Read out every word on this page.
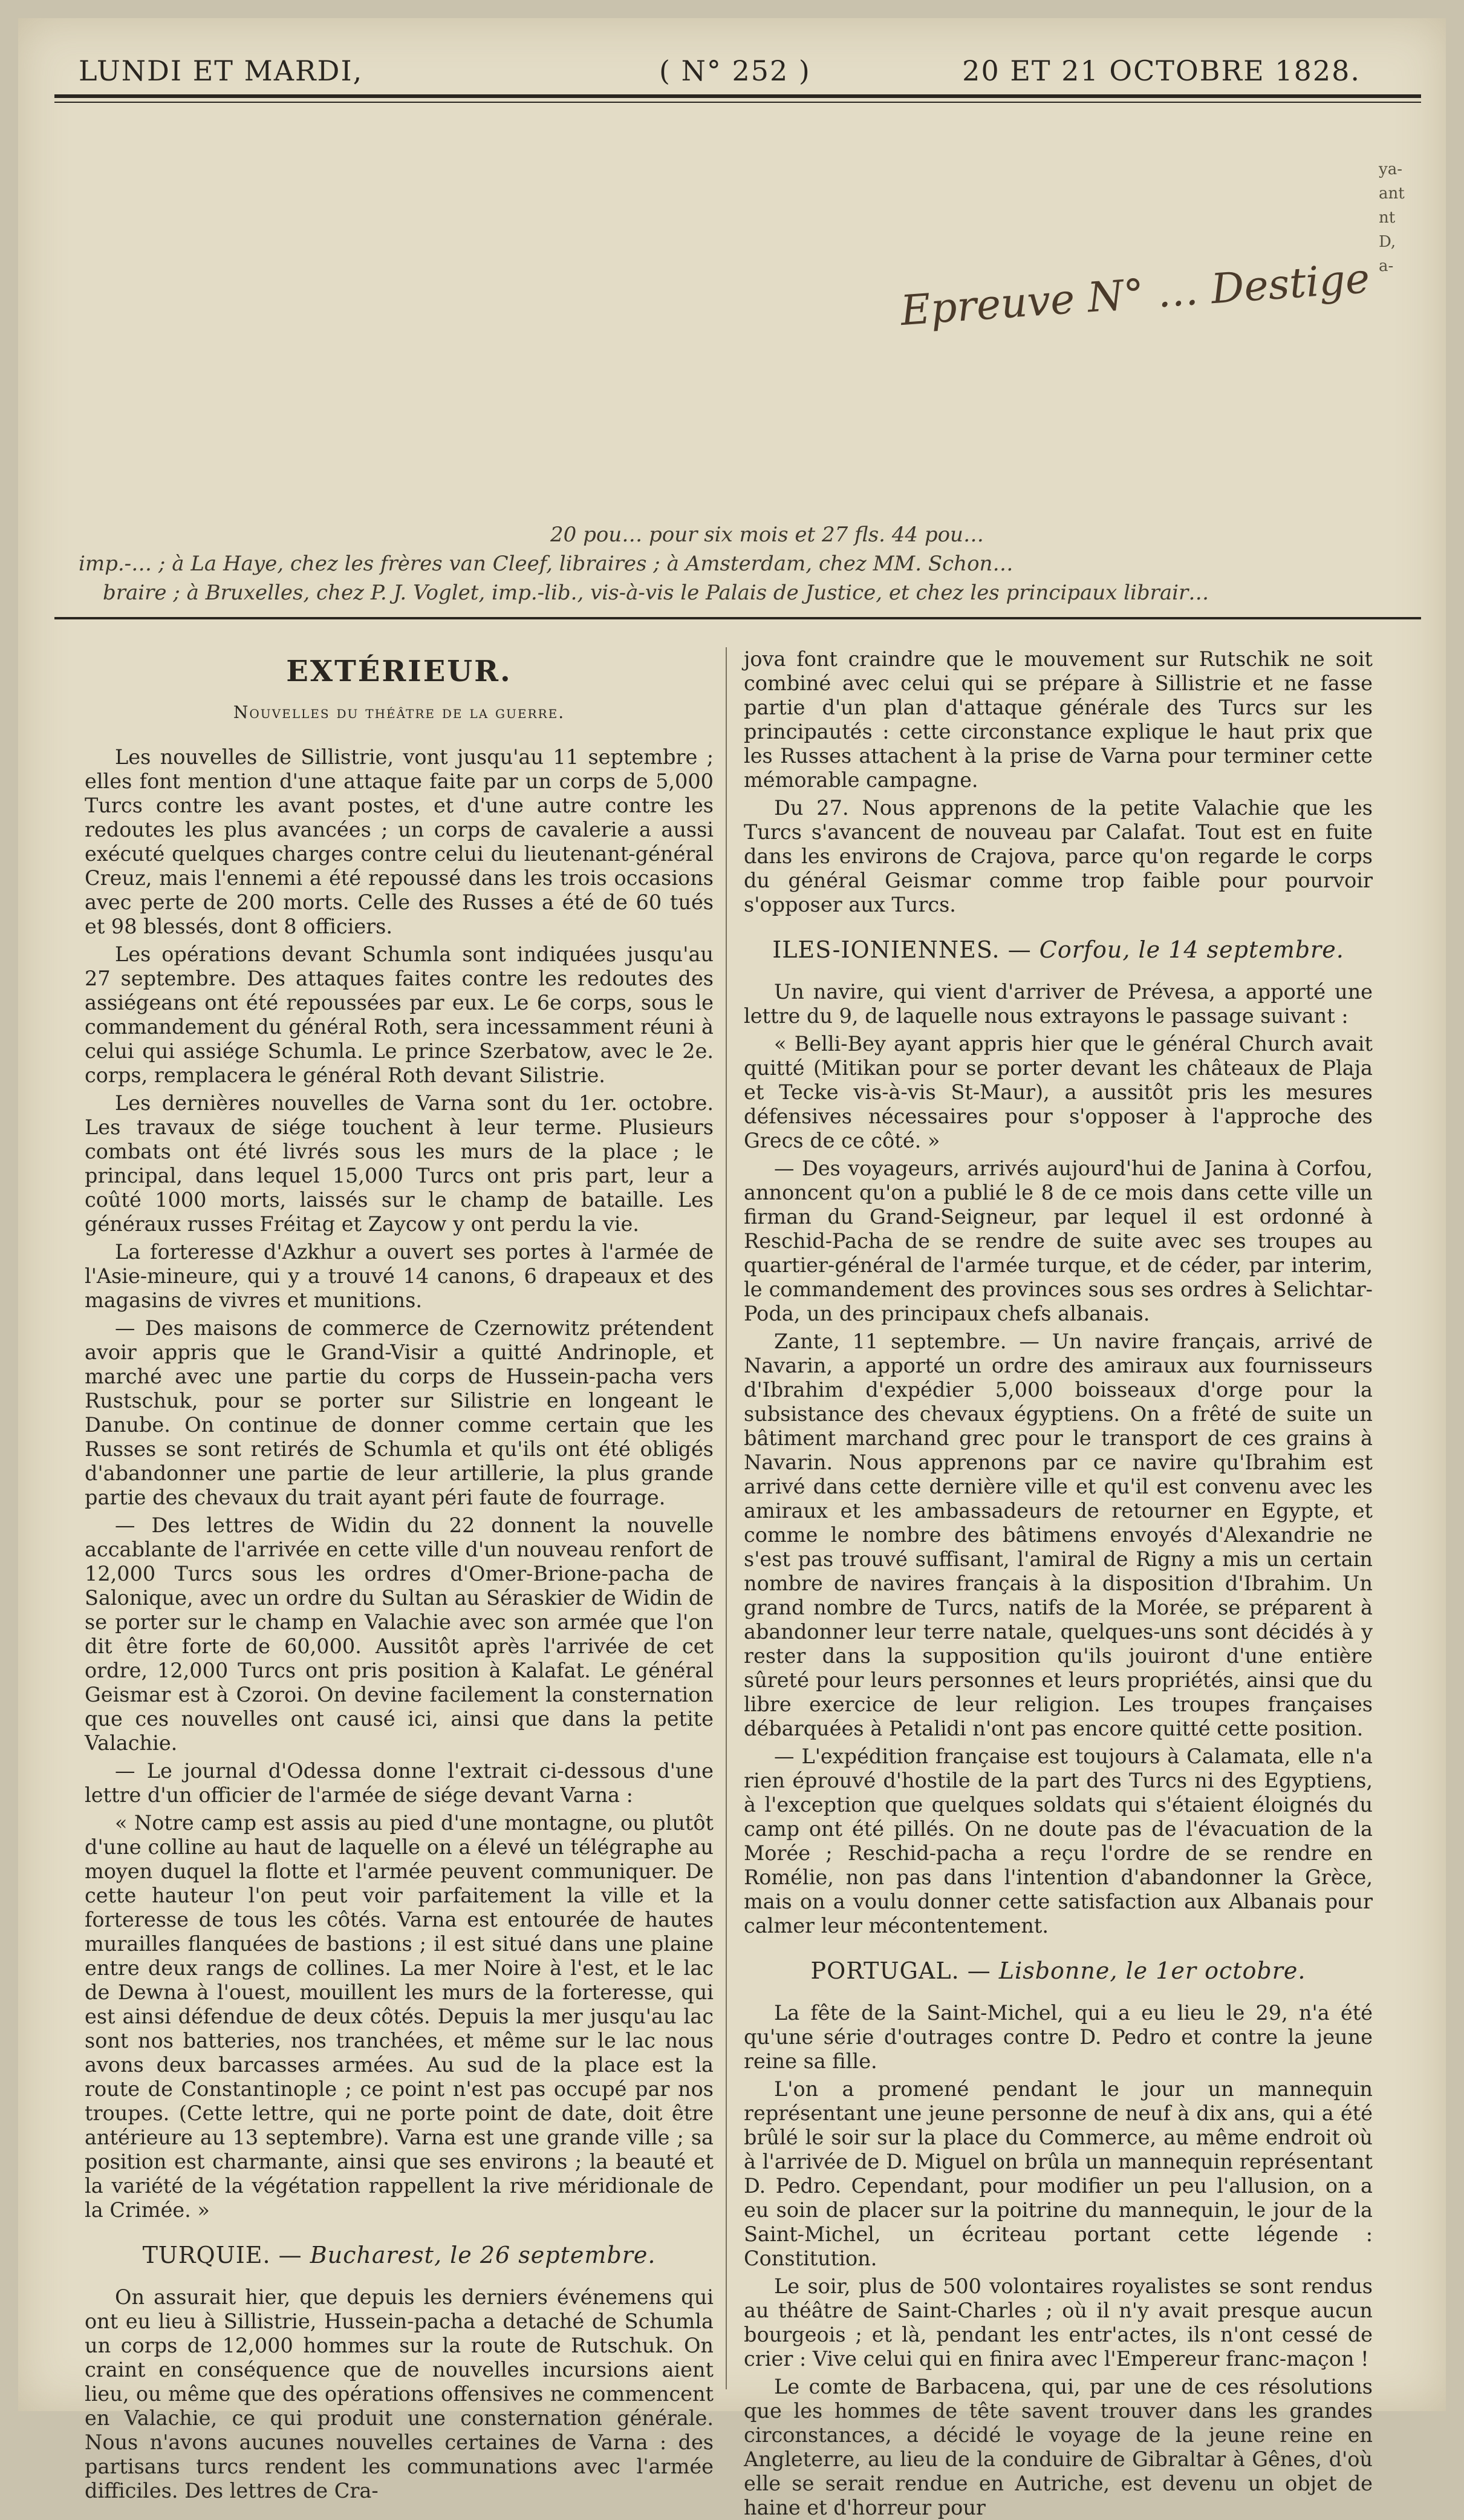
LUNDI ET MARDI,	( N° 252 )	20 ET 21 OCTOBRE 1828.
ya-
ant
nt
D,
a-
Epreuve N° … Destige
20 pou… pour six mois et 27 fls. 44 pou…
imp.-… ; à La Haye, chez les frères van Cleef, libraires ; à Amsterdam, chez MM. Schon…
braire ; à Bruxelles, chez P. J. Voglet, imp.-lib., vis-à-vis le Palais de Justice, et chez les principaux librair…
EXTÉRIEUR.
Nouvelles du théâtre de la guerre.

Les nouvelles de Sillistrie, vont jusqu'au 11 septembre ; elles font mention d'une attaque faite par un corps de 5,000 Turcs contre les avant postes, et d'une autre contre les redoutes les plus avancées ; un corps de cavalerie a aussi exécuté quelques charges contre celui du lieutenant-général Creuz, mais l'ennemi a été repoussé dans les trois occasions avec perte de 200 morts. Celle des Russes a été de 60 tués et 98 blessés, dont 8 officiers.

Les opérations devant Schumla sont indiquées jusqu'au 27 septembre. Des attaques faites contre les redoutes des assiégeans ont été repoussées par eux. Le 6e corps, sous le commandement du général Roth, sera incessamment réuni à celui qui assiége Schumla. Le prince Szerbatow, avec le 2e. corps, remplacera le général Roth devant Silistrie.

Les dernières nouvelles de Varna sont du 1er. octobre. Les travaux de siége touchent à leur terme. Plusieurs combats ont été livrés sous les murs de la place ; le principal, dans lequel 15,000 Turcs ont pris part, leur a coûté 1000 morts, laissés sur le champ de bataille. Les généraux russes Fréitag et Zaycow y ont perdu la vie.

La forteresse d'Azkhur a ouvert ses portes à l'armée de l'Asie-mineure, qui y a trouvé 14 canons, 6 drapeaux et des magasins de vivres et munitions.

— Des maisons de commerce de Czernowitz prétendent avoir appris que le Grand-Visir a quitté Andrinople, et marché avec une partie du corps de Hussein-pacha vers Rustschuk, pour se porter sur Silistrie en longeant le Danube. On continue de donner comme certain que les Russes se sont retirés de Schumla et qu'ils ont été obligés d'abandonner une partie de leur artillerie, la plus grande partie des chevaux du trait ayant péri faute de fourrage.

— Des lettres de Widin du 22 donnent la nouvelle accablante de l'arrivée en cette ville d'un nouveau renfort de 12,000 Turcs sous les ordres d'Omer-Brione-pacha de Salonique, avec un ordre du Sultan au Séraskier de Widin de se porter sur le champ en Valachie avec son armée que l'on dit être forte de 60,000. Aussitôt après l'arrivée de cet ordre, 12,000 Turcs ont pris position à Kalafat. Le général Geismar est à Czoroi. On devine facilement la consternation que ces nouvelles ont causé ici, ainsi que dans la petite Valachie.

— Le journal d'Odessa donne l'extrait ci-dessous d'une lettre d'un officier de l'armée de siége devant Varna :

« Notre camp est assis au pied d'une montagne, ou plutôt d'une colline au haut de laquelle on a élevé un télégraphe au moyen duquel la flotte et l'armée peuvent communiquer. De cette hauteur l'on peut voir parfaitement la ville et la forteresse de tous les côtés. Varna est entourée de hautes murailles flanquées de bastions ; il est situé dans une plaine entre deux rangs de collines. La mer Noire à l'est, et le lac de Dewna à l'ouest, mouillent les murs de la forteresse, qui est ainsi défendue de deux côtés. Depuis la mer jusqu'au lac sont nos batteries, nos tranchées, et même sur le lac nous avons deux barcasses armées. Au sud de la place est la route de Constantinople ; ce point n'est pas occupé par nos troupes. (Cette lettre, qui ne porte point de date, doit être antérieure au 13 septembre). Varna est une grande ville ; sa position est charmante, ainsi que ses environs ; la beauté et la variété de la végétation rappellent la rive méridionale de la Crimée. »

TURQUIE. — Bucharest, le 26 septembre.

On assurait hier, que depuis les derniers événemens qui ont eu lieu à Sillistrie, Hussein-pacha a detaché de Schumla un corps de 12,000 hommes sur la route de Rutschuk. On craint en conséquence que de nouvelles incursions aient lieu, ou même que des opérations offensives ne commencent en Valachie, ce qui produit une consternation générale. Nous n'avons aucunes nouvelles certaines de Varna : des partisans turcs rendent les communations avec l'armée difficiles. Des lettres de Cra-

jova font craindre que le mouvement sur Rutschik ne soit combiné avec celui qui se prépare à Sillistrie et ne fasse partie d'un plan d'attaque générale des Turcs sur les principautés : cette circonstance explique le haut prix que les Russes attachent à la prise de Varna pour terminer cette mémorable campagne.

Du 27. Nous apprenons de la petite Valachie que les Turcs s'avancent de nouveau par Calafat. Tout est en fuite dans les environs de Crajova, parce qu'on regarde le corps du général Geismar comme trop faible pour pourvoir s'opposer aux Turcs.

ILES-IONIENNES. — Corfou, le 14 septembre.

Un navire, qui vient d'arriver de Prévesa, a apporté une lettre du 9, de laquelle nous extrayons le passage suivant :

« Belli-Bey ayant appris hier que le général Church avait quitté (Mitikan pour se porter devant les châteaux de Plaja et Tecke vis-à-vis St-Maur), a aussitôt pris les mesures défensives nécessaires pour s'opposer à l'approche des Grecs de ce côté. »

— Des voyageurs, arrivés aujourd'hui de Janina à Corfou, annoncent qu'on a publié le 8 de ce mois dans cette ville un firman du Grand-Seigneur, par lequel il est ordonné à Reschid-Pacha de se rendre de suite avec ses troupes au quartier-général de l'armée turque, et de céder, par interim, le commandement des provinces sous ses ordres à Selichtar-Poda, un des principaux chefs albanais.

Zante, 11 septembre. — Un navire français, arrivé de Navarin, a apporté un ordre des amiraux aux fournisseurs d'Ibrahim d'expédier 5,000 boisseaux d'orge pour la subsistance des chevaux égyptiens. On a frêté de suite un bâtiment marchand grec pour le transport de ces grains à Navarin. Nous apprenons par ce navire qu'Ibrahim est arrivé dans cette dernière ville et qu'il est convenu avec les amiraux et les ambassadeurs de retourner en Egypte, et comme le nombre des bâtimens envoyés d'Alexandrie ne s'est pas trouvé suffisant, l'amiral de Rigny a mis un certain nombre de navires français à la disposition d'Ibrahim. Un grand nombre de Turcs, natifs de la Morée, se préparent à abandonner leur terre natale, quelques-uns sont décidés à y rester dans la supposition qu'ils jouiront d'une entière sûreté pour leurs personnes et leurs propriétés, ainsi que du libre exercice de leur religion. Les troupes françaises débarquées à Petalidi n'ont pas encore quitté cette position.

— L'expédition française est toujours à Calamata, elle n'a rien éprouvé d'hostile de la part des Turcs ni des Egyptiens, à l'exception que quelques soldats qui s'étaient éloignés du camp ont été pillés. On ne doute pas de l'évacuation de la Morée ; Reschid-pacha a reçu l'ordre de se rendre en Romélie, non pas dans l'intention d'abandonner la Grèce, mais on a voulu donner cette satisfaction aux Albanais pour calmer leur mécontentement.

PORTUGAL. — Lisbonne, le 1er octobre.

La fête de la Saint-Michel, qui a eu lieu le 29, n'a été qu'une série d'outrages contre D. Pedro et contre la jeune reine sa fille.

L'on a promené pendant le jour un mannequin représentant une jeune personne de neuf à dix ans, qui a été brûlé le soir sur la place du Commerce, au même endroit où à l'arrivée de D. Miguel on brûla un mannequin représentant D. Pedro. Cependant, pour modifier un peu l'allusion, on a eu soin de placer sur la poitrine du mannequin, le jour de la Saint-Michel, un écriteau portant cette légende : Constitution.

Le soir, plus de 500 volontaires royalistes se sont rendus au théâtre de Saint-Charles ; où il n'y avait presque aucun bourgeois ; et là, pendant les entr'actes, ils n'ont cessé de crier : Vive celui qui en finira avec l'Empereur franc-maçon !

Le comte de Barbacena, qui, par une de ces résolutions que les hommes de tête savent trouver dans les grandes circonstances, a décidé le voyage de la jeune reine en Angleterre, au lieu de la conduire de Gibraltar à Gênes, d'où elle se serait rendue en Autriche, est devenu un objet de haine et d'horreur pour
